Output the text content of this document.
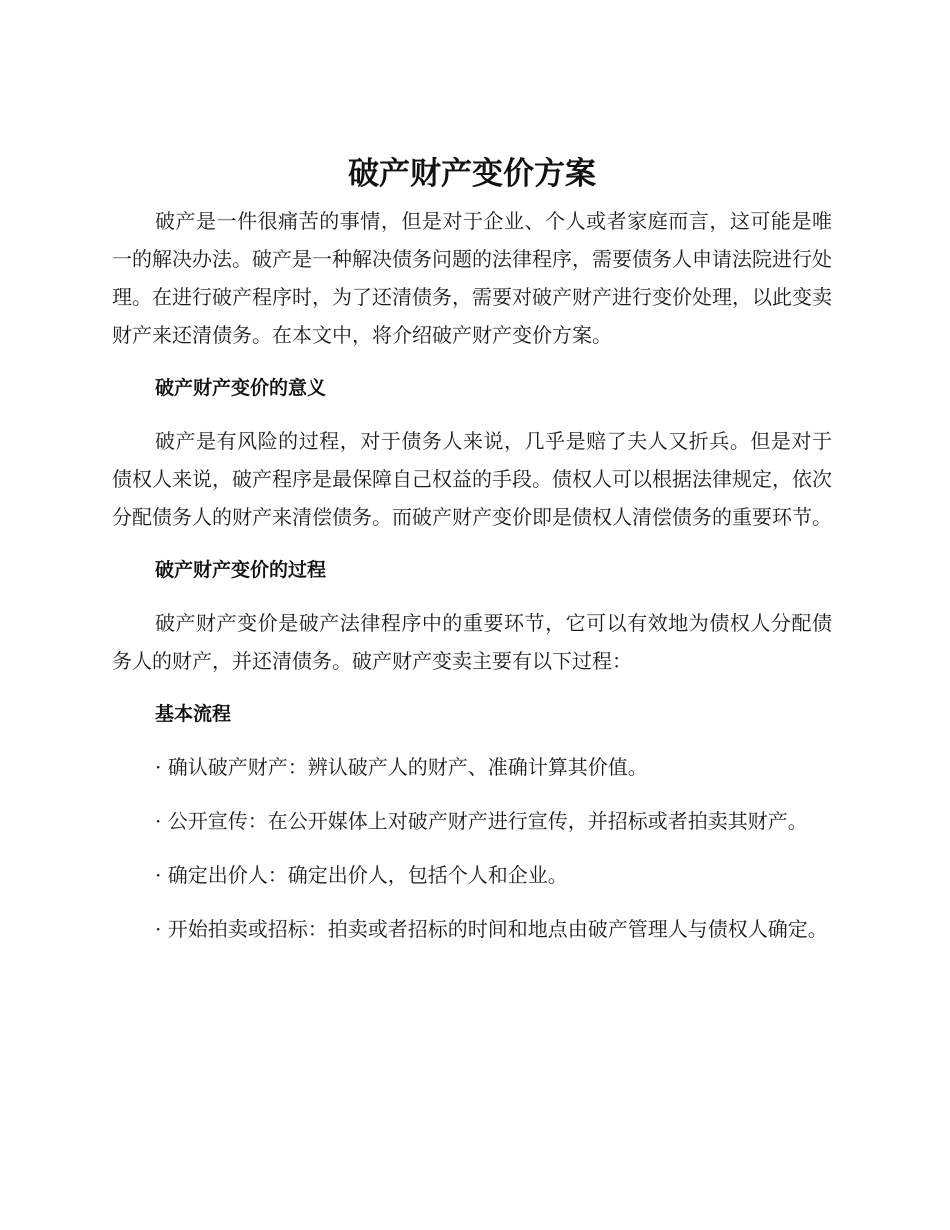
破产财产变价方案

破产是一件很痛苦的事情，但是对于企业、个人或者家庭而言，这可能是唯一的解决办法。破产是一种解决债务问题的法律程序，需要债务人申请法院进行处理。在进行破产程序时，为了还清债务，需要对破产财产进行变价处理，以此变卖财产来还清债务。在本文中，将介绍破产财产变价方案。

破产财产变价的意义

破产是有风险的过程，对于债务人来说，几乎是赔了夫人又折兵。但是对于债权人来说，破产程序是最保障自己权益的手段。债权人可以根据法律规定，依次分配债务人的财产来清偿债务。而破产财产变价即是债权人清偿债务的重要环节。

破产财产变价的过程

破产财产变价是破产法律程序中的重要环节，它可以有效地为债权人分配债务人的财产，并还清债务。破产财产变卖主要有以下过程：

基本流程

· 确认破产财产：辨认破产人的财产、准确计算其价值。

· 公开宣传：在公开媒体上对破产财产进行宣传，并招标或者拍卖其财产。

· 确定出价人：确定出价人，包括个人和企业。

· 开始拍卖或招标：拍卖或者招标的时间和地点由破产管理人与债权人确定。
